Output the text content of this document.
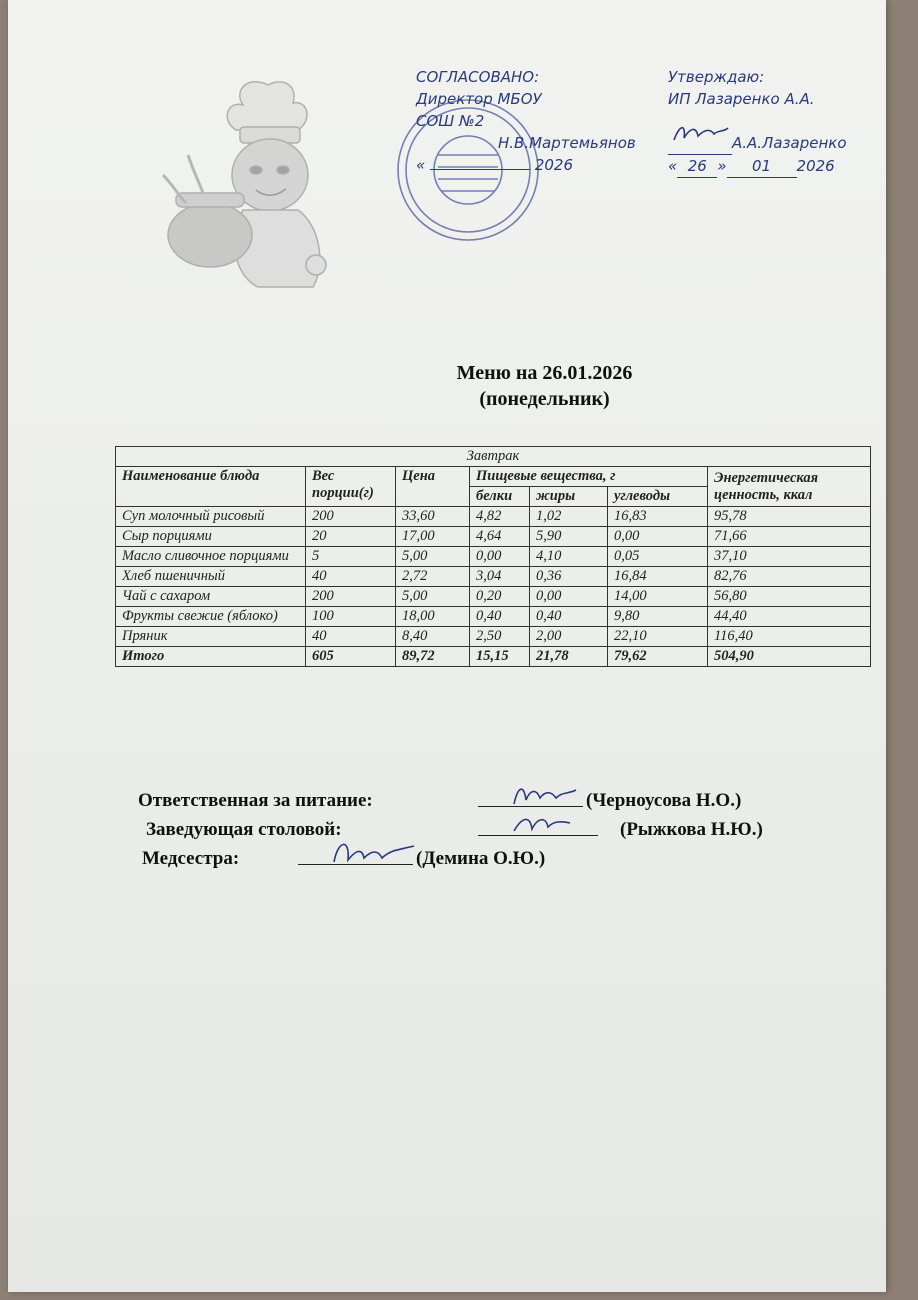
СОГЛАСОВАНО:
Директор МБОУ
СОШ №2
Н.В.Мартемьянов
«	2026
Утверждаю:
ИП Лазаренко А.А.
А.А.Лазаренко
« 26 » 01 2026
Меню на 26.01.2026
(понедельник)
Завтрак						
Наименование блюда	Вес порции(г)	Цена	Пищевые вещества, г			Энергетическая ценность, ккал
			белки	жиры	углеводы	
Суп молочный рисовый	200	33,60	4,82	1,02	16,83	95,78
Сыр порциями	20	17,00	4,64	5,90	0,00	71,66
Масло сливочное порциями	5	5,00	0,00	4,10	0,05	37,10
Хлеб пшеничный	40	2,72	3,04	0,36	16,84	82,76
Чай с сахаром	200	5,00	0,20	0,00	14,00	56,80
Фрукты свежие (яблоко)	100	18,00	0,40	0,40	9,80	44,40
Пряник	40	8,40	2,50	2,00	22,10	116,40
Итого	605	89,72	15,15	21,78	79,62	504,90
Ответственная за питание:	(Черноусова Н.О.)
Заведующая столовой:	(Рыжкова Н.Ю.)
Медсестра:	(Демина О.Ю.)
